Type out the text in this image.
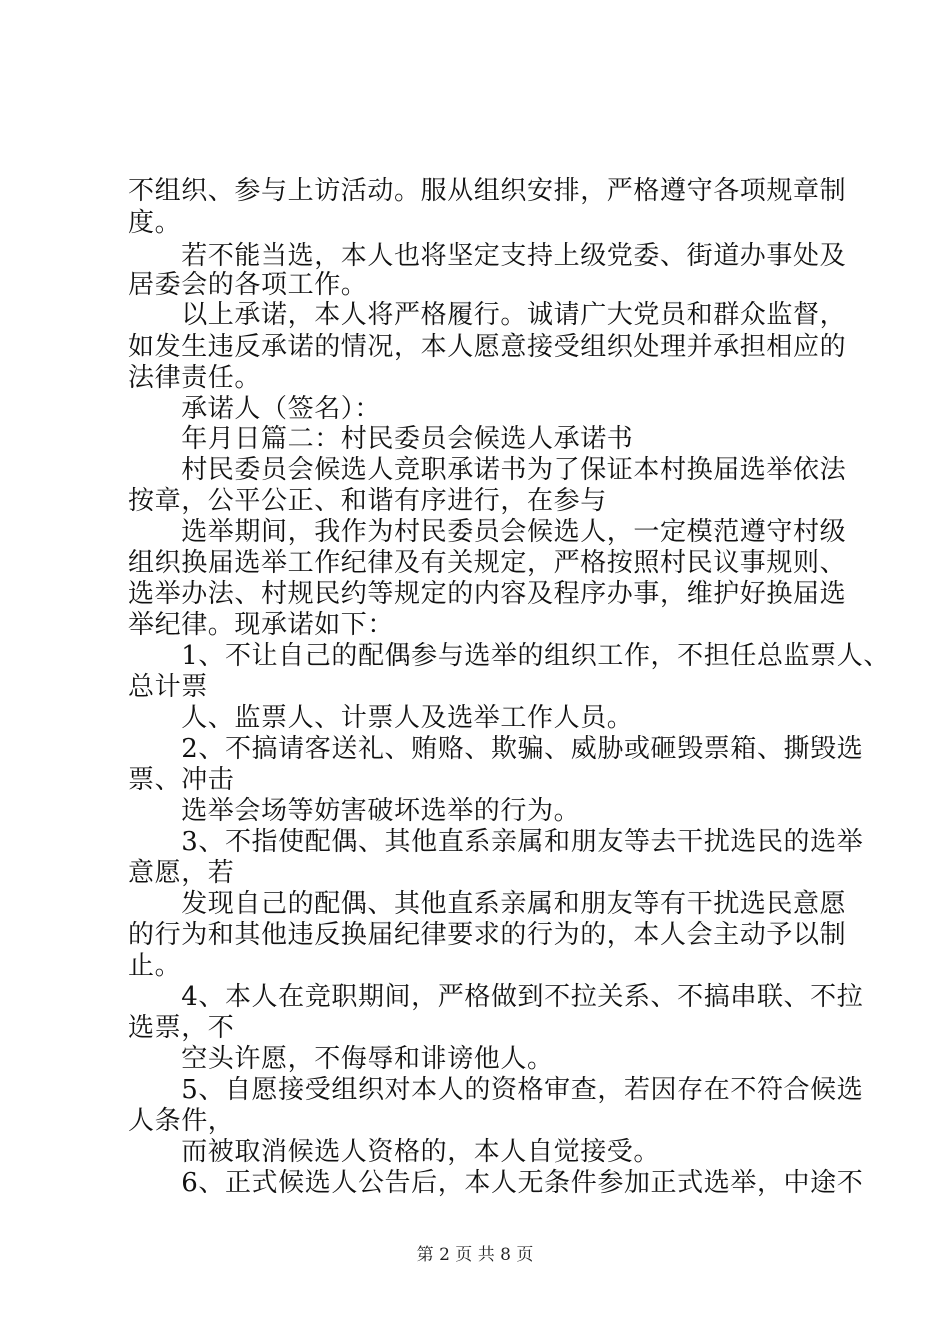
不组织、参与上访活动。服从组织安排，严格遵守各项规章制
度。
　　若不能当选，本人也将坚定支持上级党委、街道办事处及
居委会的各项工作。
　　以上承诺，本人将严格履行。诚请广大党员和群众监督，
如发生违反承诺的情况，本人愿意接受组织处理并承担相应的
法律责任。
　　承诺人（签名）：
　　年月日篇二：村民委员会候选人承诺书
　　村民委员会候选人竞职承诺书为了保证本村换届选举依法
按章，公平公正、和谐有序进行，在参与
　　选举期间，我作为村民委员会候选人，一定模范遵守村级
组织换届选举工作纪律及有关规定，严格按照村民议事规则、
选举办法、村规民约等规定的内容及程序办事，维护好换届选
举纪律。现承诺如下：
　　1、不让自己的配偶参与选举的组织工作，不担任总监票人、
总计票
　　人、监票人、计票人及选举工作人员。
　　2、不搞请客送礼、贿赂、欺骗、威胁或砸毁票箱、撕毁选
票、冲击
　　选举会场等妨害破坏选举的行为。
　　3、不指使配偶、其他直系亲属和朋友等去干扰选民的选举
意愿，若
　　发现自己的配偶、其他直系亲属和朋友等有干扰选民意愿
的行为和其他违反换届纪律要求的行为的，本人会主动予以制
止。
　　4、本人在竞职期间，严格做到不拉关系、不搞串联、不拉
选票，不
　　空头许愿，不侮辱和诽谤他人。
　　5、自愿接受组织对本人的资格审查，若因存在不符合候选
人条件，
　　而被取消候选人资格的，本人自觉接受。
　　6、正式候选人公告后，本人无条件参加正式选举，中途不
第 2 页 共 8 页
